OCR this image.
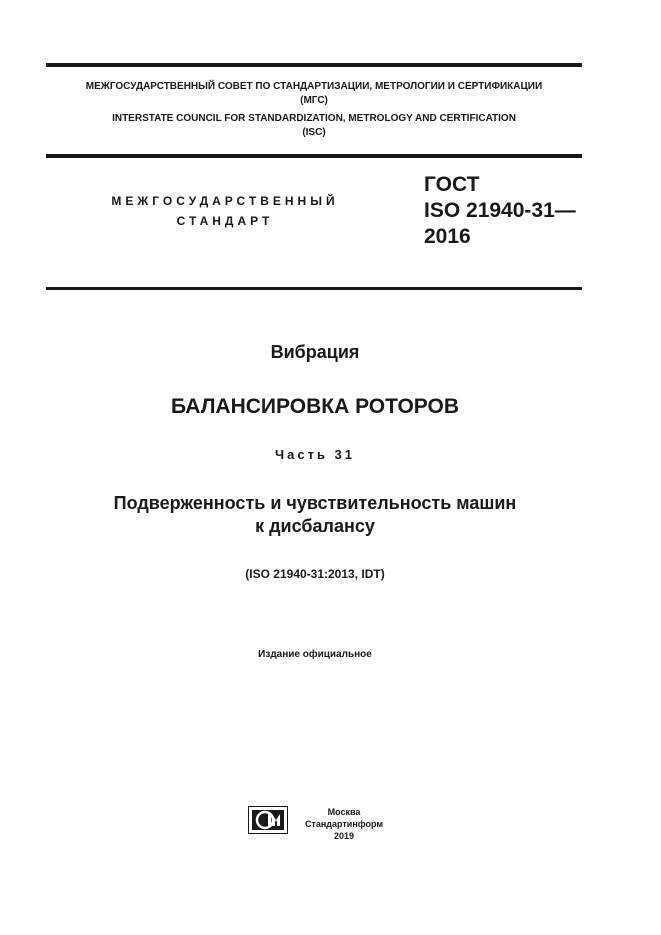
МЕЖГОСУДАРСТВЕННЫЙ СОВЕТ ПО СТАНДАРТИЗАЦИИ, МЕТРОЛОГИИ И СЕРТИФИКАЦИИ
(МГС)
INTERSTATE COUNCIL FOR STANDARDIZATION, METROLOGY AND CERTIFICATION
(ISC)
МЕЖГОСУДАРСТВЕННЫЙ
СТАНДАРТ
ГОСТ
ISO 21940-31—
2016
Вибрация
БАЛАНСИРОВКА РОТОРОВ
Часть 31
Подверженность и чувствительность машин
к дисбалансу
(ISO 21940-31:2013, IDT)
Издание официальное
Москва
Стандартинформ
2019
